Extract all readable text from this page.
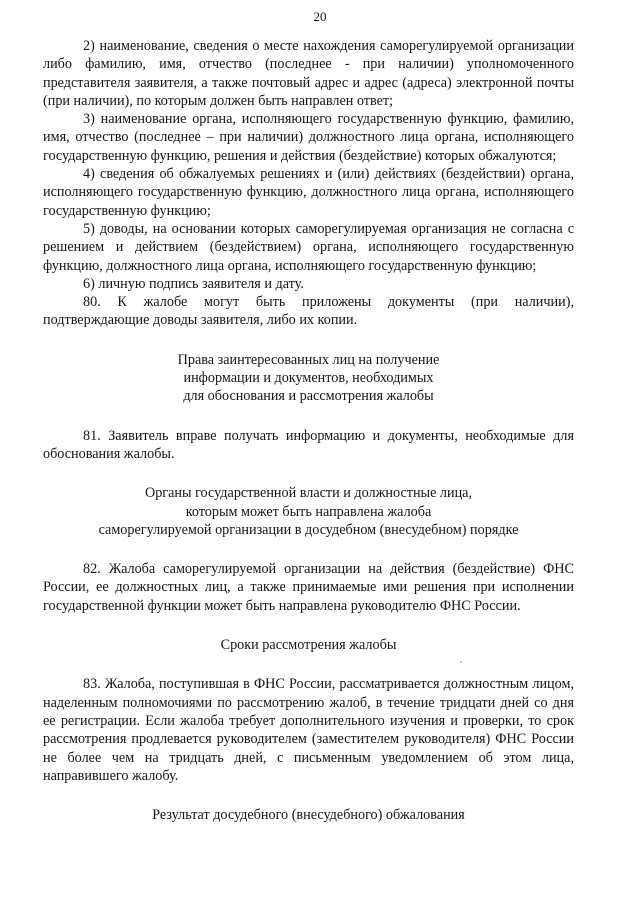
20

2) наименование, сведения о месте нахождения саморегулируемой организации либо фамилию, имя, отчество (последнее - при наличии) уполномоченного представителя заявителя, а также почтовый адрес и адрес (адреса) электронной почты (при наличии), по которым должен быть направлен ответ;

3) наименование органа, исполняющего государственную функцию, фамилию, имя, отчество (последнее – при наличии) должностного лица органа, исполняющего государственную функцию, решения и действия (бездействие) которых обжалуются;

4) сведения об обжалуемых решениях и (или) действиях (бездействии) органа, исполняющего государственную функцию, должностного лица органа, исполняющего государственную функцию;

5) доводы, на основании которых саморегулируемая организация не согласна с решением и действием (бездействием) органа, исполняющего государственную функцию, должностного лица органа, исполняющего государственную функцию;

6) личную подпись заявителя и дату.

80. К жалобе могут быть приложены документы (при наличии), подтверждающие доводы заявителя, либо их копии.

Права заинтересованных лиц на получение

информации и документов, необходимых

для обоснования и рассмотрения жалобы

81. Заявитель вправе получать информацию и документы, необходимые для обоснования жалобы.

Органы государственной власти и должностные лица,

которым может быть направлена жалоба

саморегулируемой организации в досудебном (внесудебном) порядке

82. Жалоба саморегулируемой организации на действия (бездействие) ФНС России, ее должностных лиц, а также принимаемые ими решения при исполнении государственной функции может быть направлена руководителю ФНС России.

Сроки рассмотрения жалобы

83. Жалоба, поступившая в ФНС России, рассматривается должностным лицом, наделенным полномочиями по рассмотрению жалоб, в течение тридцати дней со дня ее регистрации. Если жалоба требует дополнительного изучения и проверки, то срок рассмотрения продлевается руководителем (заместителем руководителя) ФНС России не более чем на тридцать дней, с письменным уведомлением об этом лица, направившего жалобу.

Результат досудебного (внесудебного) обжалования
